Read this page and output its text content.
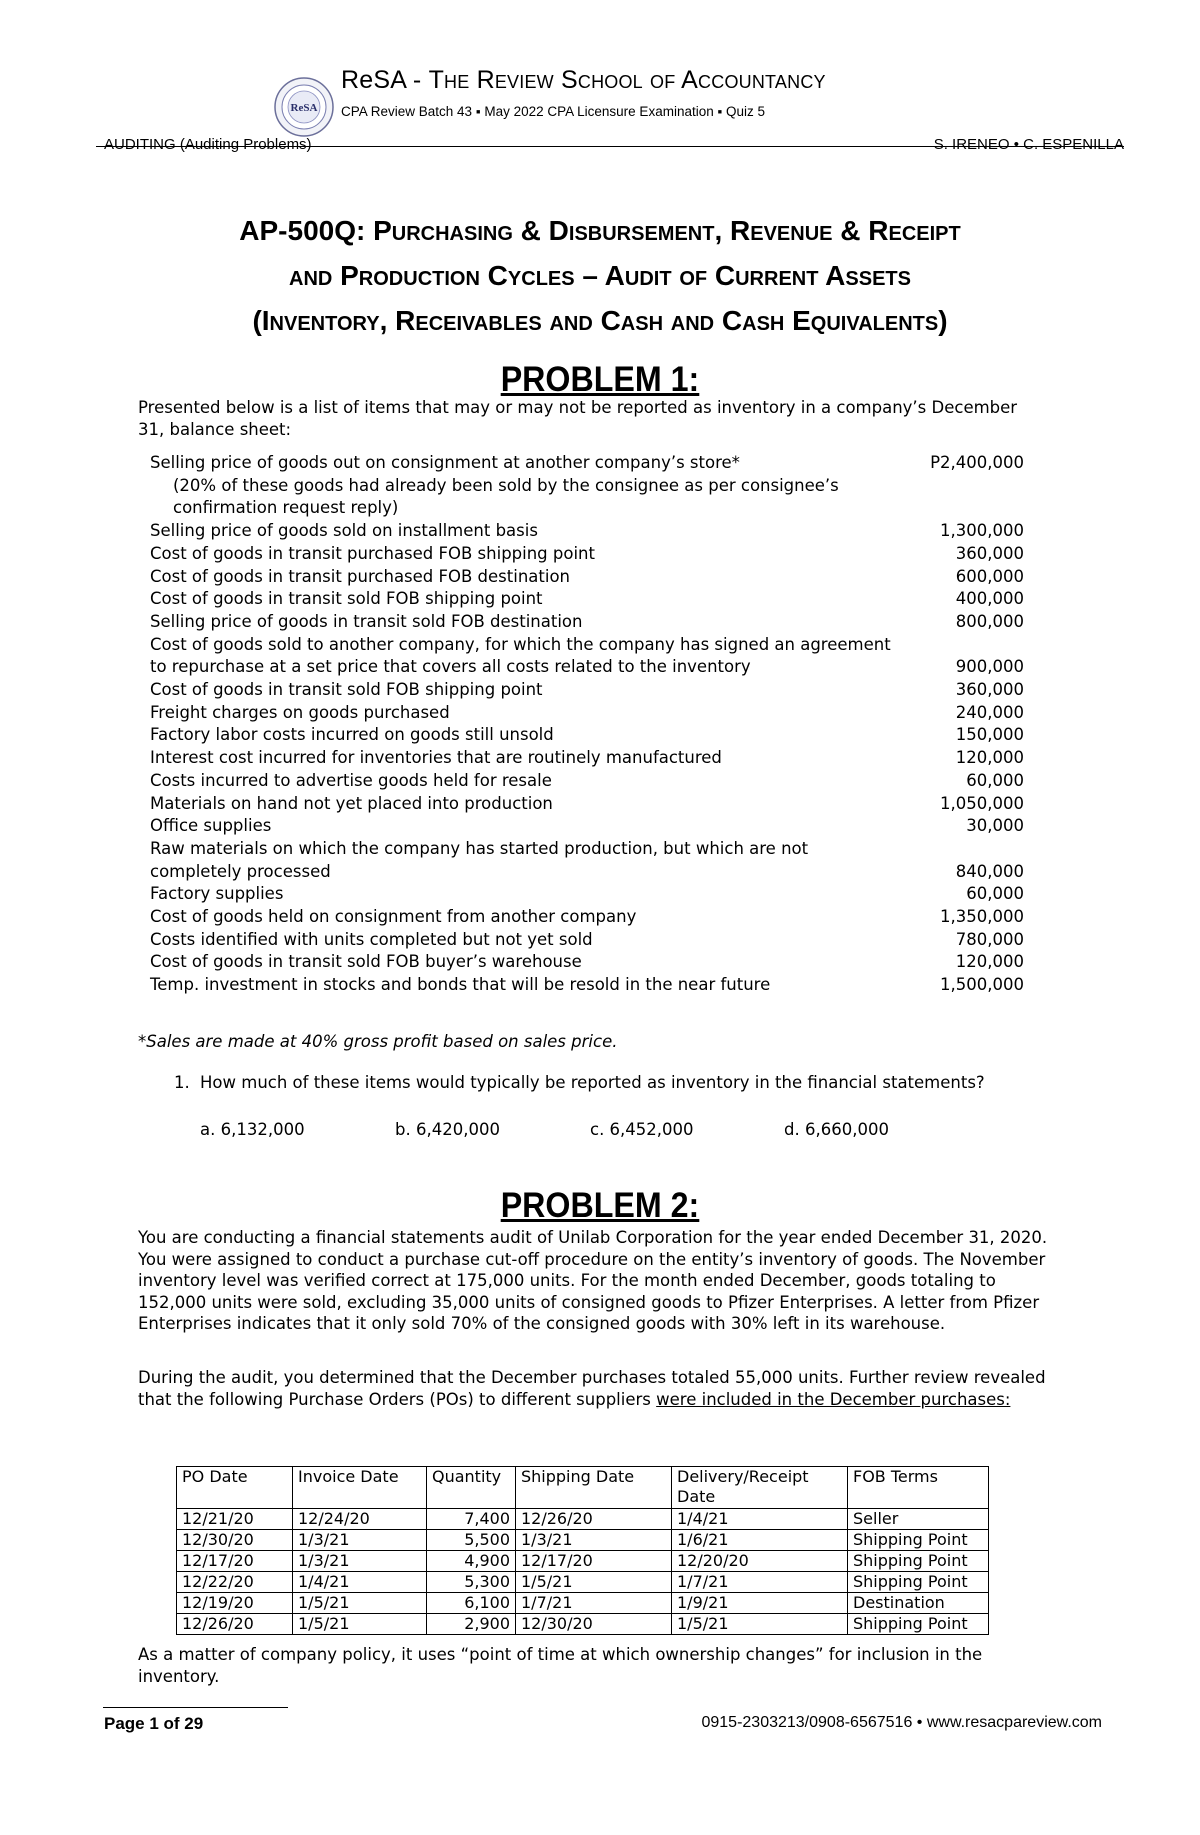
ReSA
ReSA - The Review School of Accountancy
CPA Review Batch 43 ▪ May 2022 CPA Licensure Examination ▪ Quiz 5
AUDITING (Auditing Problems)	S. IRENEO • C. ESPENILLA
AP-500Q: Purchasing & Disbursement, Revenue & Receipt
and Production Cycles – Audit of Current Assets
(Inventory, Receivables and Cash and Cash Equivalents)
PROBLEM 1:
Presented below is a list of items that may or may not be reported as inventory in a company’s December 31, balance sheet:
Selling price of goods out on consignment at another company’s store*	P2,400,000
(20% of these goods had already been sold by the consignee as per consignee’s confirmation request reply)
Selling price of goods sold on installment basis	1,300,000
Cost of goods in transit purchased FOB shipping point	360,000
Cost of goods in transit purchased FOB destination	600,000
Cost of goods in transit sold FOB shipping point	400,000
Selling price of goods in transit sold FOB destination	800,000
Cost of goods sold to another company, for which the company has signed an agreement to repurchase at a set price that covers all costs related to the inventory	900,000
Cost of goods in transit sold FOB shipping point	360,000
Freight charges on goods purchased	240,000
Factory labor costs incurred on goods still unsold	150,000
Interest cost incurred for inventories that are routinely manufactured	120,000
Costs incurred to advertise goods held for resale	60,000
Materials on hand not yet placed into production	1,050,000
Office supplies	30,000
Raw materials on which the company has started production, but which are not completely processed	840,000
Factory supplies	60,000
Cost of goods held on consignment from another company	1,350,000
Costs identified with units completed but not yet sold	780,000
Cost of goods in transit sold FOB buyer’s warehouse	120,000
Temp. investment in stocks and bonds that will be resold in the near future	1,500,000
*Sales are made at 40% gross profit based on sales price.
1. How much of these items would typically be reported as inventory in the financial statements?
a. 6,132,000	b. 6,420,000	c. 6,452,000	d. 6,660,000
PROBLEM 2:
You are conducting a financial statements audit of Unilab Corporation for the year ended December 31, 2020. You were assigned to conduct a purchase cut-off procedure on the entity’s inventory of goods. The November inventory level was verified correct at 175,000 units. For the month ended December, goods totaling to 152,000 units were sold, excluding 35,000 units of consigned goods to Pfizer Enterprises. A letter from Pfizer Enterprises indicates that it only sold 70% of the consigned goods with 30% left in its warehouse.
During the audit, you determined that the December purchases totaled 55,000 units. Further review revealed that the following Purchase Orders (POs) to different suppliers were included in the December purchases:
PO Date	Invoice Date	Quantity	Shipping Date	Delivery/Receipt Date	FOB Terms
12/21/20	12/24/20	7,400	12/26/20	1/4/21	Seller
12/30/20	1/3/21	5,500	1/3/21	1/6/21	Shipping Point
12/17/20	1/3/21	4,900	12/17/20	12/20/20	Shipping Point
12/22/20	1/4/21	5,300	1/5/21	1/7/21	Shipping Point
12/19/20	1/5/21	6,100	1/7/21	1/9/21	Destination
12/26/20	1/5/21	2,900	12/30/20	1/5/21	Shipping Point
As a matter of company policy, it uses “point of time at which ownership changes” for inclusion in the inventory.
Page 1 of 29	0915-2303213/0908-6567516 • www.resacpareview.com
